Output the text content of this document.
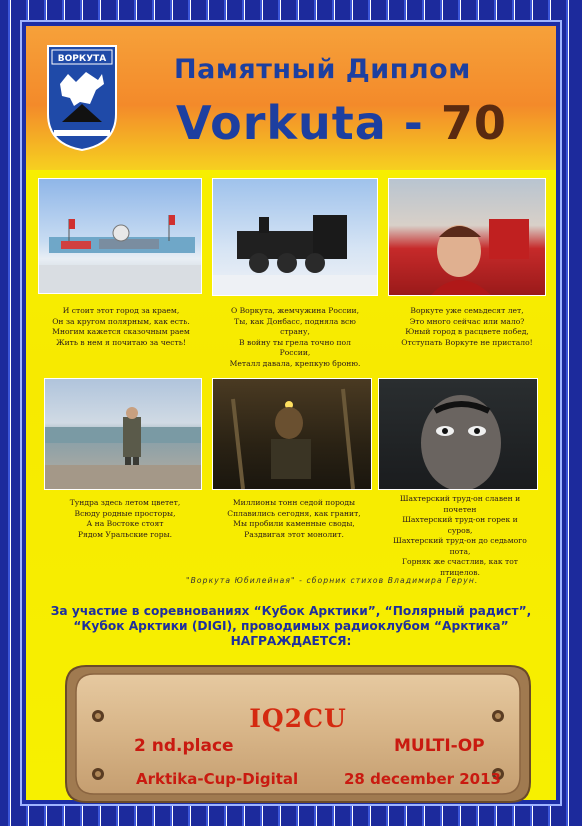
ВОРКУТА	Памятный Диплом
Vorkuta - 70
И стоит этот город за краем,
Он за кругом полярным, как есть.
Многим кажется сказочным раем
Жить в нем я почитаю за честь!
О Воркута, жемчужина России,
Ты, как Донбасс, поднялa всю
страну,
В войну ты грела точно пол
России,
Металл давала, крепкую броню.
Воркуте уже семьдесят лет,
Это много сейчас или мало?
Юный город в расцвете побед,
Отступать Воркуте не пристало!
Тундра здесь летом цветет,
Всюду родные просторы,
А на Востоке стоят
Рядом Уральские горы.
Миллионы тонн седой породы
Сплавились сегодня, как гранит,
Мы пробили каменные своды,
Раздвигая этот монолит.
Шахтерский труд-он славен и
почетен
Шахтерский труд-он горек и
суров,
Шахтерский труд-он до седьмого
пота,
Горняк же счастлив, как тот
птицелов.
"Воркута Юбилейная" - сборник стихов Владимира Герун.
За участие в соревнованиях “Кубок Арктики”, “Полярный радист”,
“Кубок Арктики (DIGI), проводимых радиоклубом “Арктика”
НАГРАЖДАЕТСЯ:
IQ2CU
2 nd.place	MULTI-OP
Arktika-Cup-Digital	28 december 2013
